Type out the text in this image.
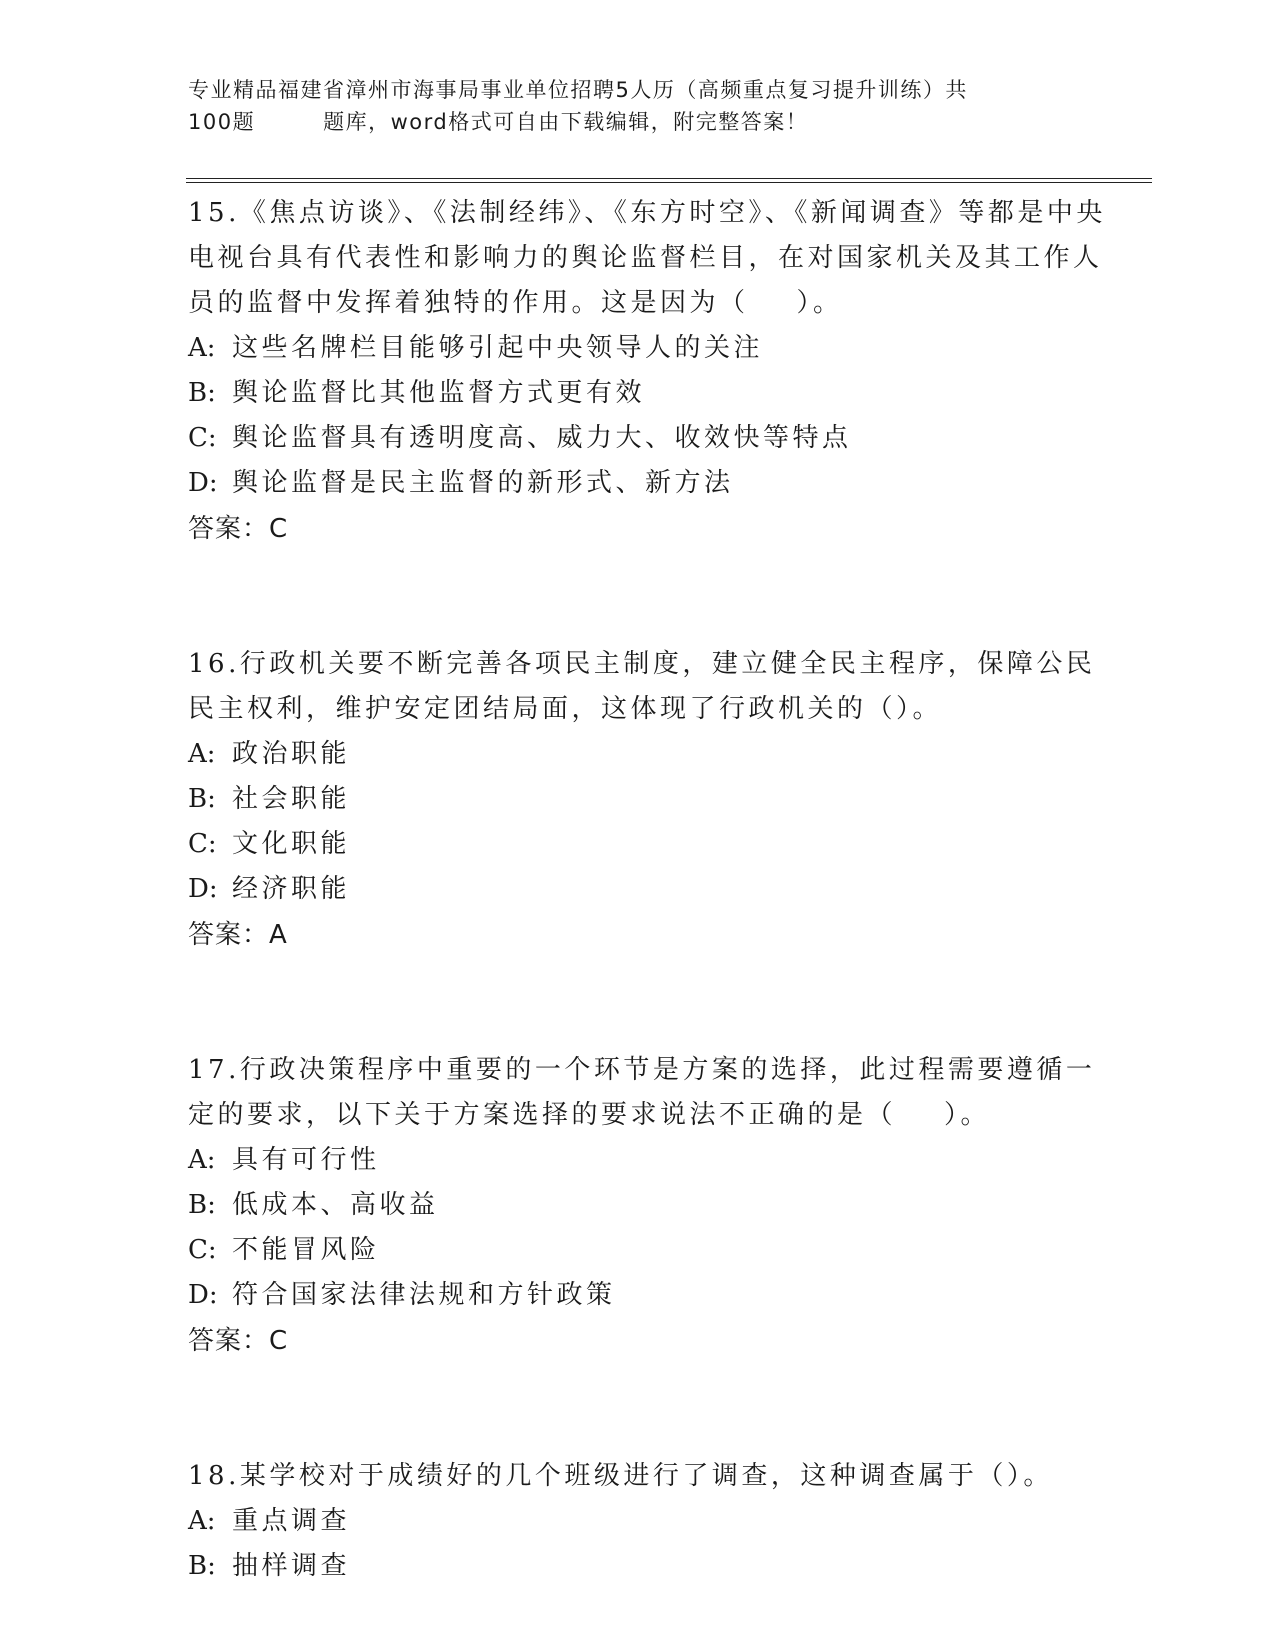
专业精品福建省漳州市海事局事业单位招聘5人历（高频重点复习提升训练）共
100题	题库，word格式可自由下载编辑，附完整答案！
15.《焦点访谈》、《法制经纬》、《东方时空》、《新闻调查》等都是中央电视台具有代表性和影响力的舆论监督栏目，在对国家机关及其工作人员的监督中发挥着独特的作用。这是因为（ ）。
A: 这些名牌栏目能够引起中央领导人的关注
B: 舆论监督比其他监督方式更有效
C: 舆论监督具有透明度高、威力大、收效快等特点
D: 舆论监督是民主监督的新形式、新方法
答案：C
16.行政机关要不断完善各项民主制度，建立健全民主程序，保障公民民主权利，维护安定团结局面，这体现了行政机关的（）。
A: 政治职能
B: 社会职能
C: 文化职能
D: 经济职能
答案：A
17.行政决策程序中重要的一个环节是方案的选择，此过程需要遵循一定的要求，以下关于方案选择的要求说法不正确的是（ ）。
A: 具有可行性
B: 低成本、高收益
C: 不能冒风险
D: 符合国家法律法规和方针政策
答案：C
18.某学校对于成绩好的几个班级进行了调查，这种调查属于（）。
A: 重点调查
B: 抽样调查
